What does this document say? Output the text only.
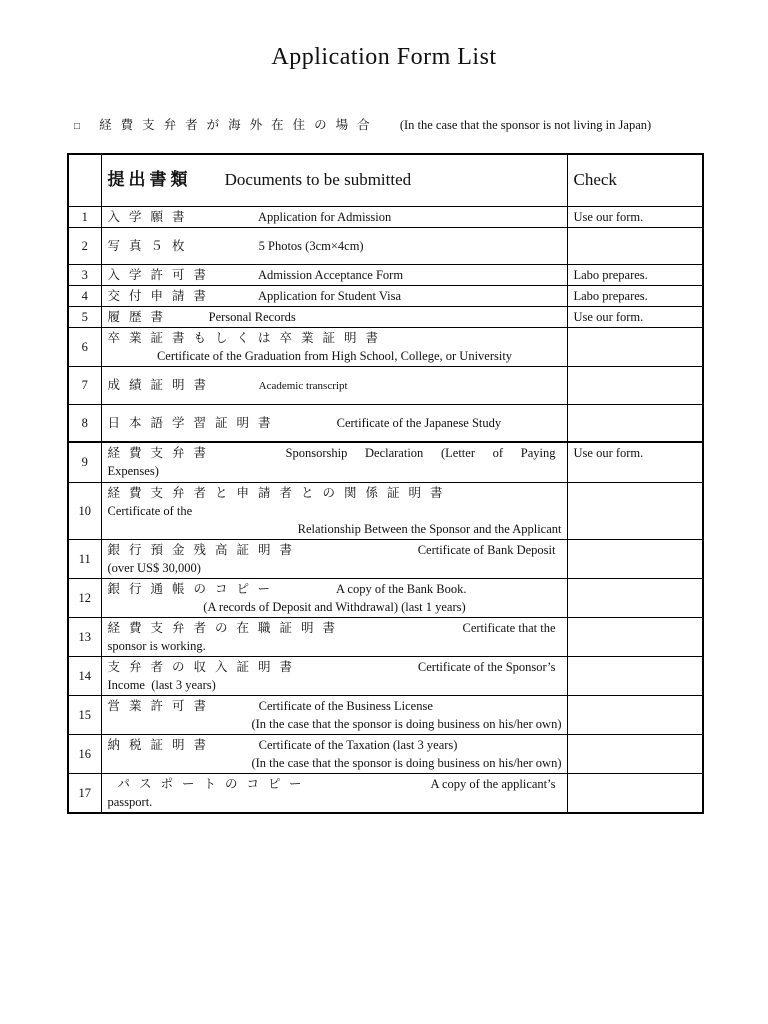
Application Form List
□ 経費支弁者が海外在住の場合 (In the case that the sponsor is not living in Japan)
	提出書類 Documents to be submitted	Check
1	入学願書 Application for Admission	Use our form.
2	写真５枚 5 Photos (3cm×4cm)	
3	入学許可書 Admission Acceptance Form	Labo prepares.
4	交付申請書 Application for Student Visa	Labo prepares.
5	履歴書 Personal Records	Use our form.
6	卒業証書もしくは卒業証明書
Certificate of the Graduation from High School, College, or University	

7	成績証明書 Academic transcript	
8	日本語学習証明書 Certificate of the Japanese Study	
9	経費支弁書 Sponsorship Declaration (Letter of Paying
Expenses)	Use our form.
10	経費支弁者と申請者との関係証明書
Certificate of the
Relationship Between the Sponsor and the Applicant	

11	銀行預金残高証明書 Certificate of Bank Deposit
(over US$ 30,000)	

12	銀行通帳のコピー A copy of the Bank Book.
(A records of Deposit and Withdrawal) (last 1 years)	

13	経費支弁者の在職証明書 Certificate that the
sponsor is working.	

14	支弁者の収入証明書 Certificate of the Sponsor’s
Income  (last 3 years)	

15	営業許可書 Certificate of the Business License
(In the case that the sponsor is doing business on his/her own)	

16	納税証明書 Certificate of the Taxation (last 3 years)
(In the case that the sponsor is doing business on his/her own)	

17	パスポートのコピー A copy of the applicant’s
passport.	
